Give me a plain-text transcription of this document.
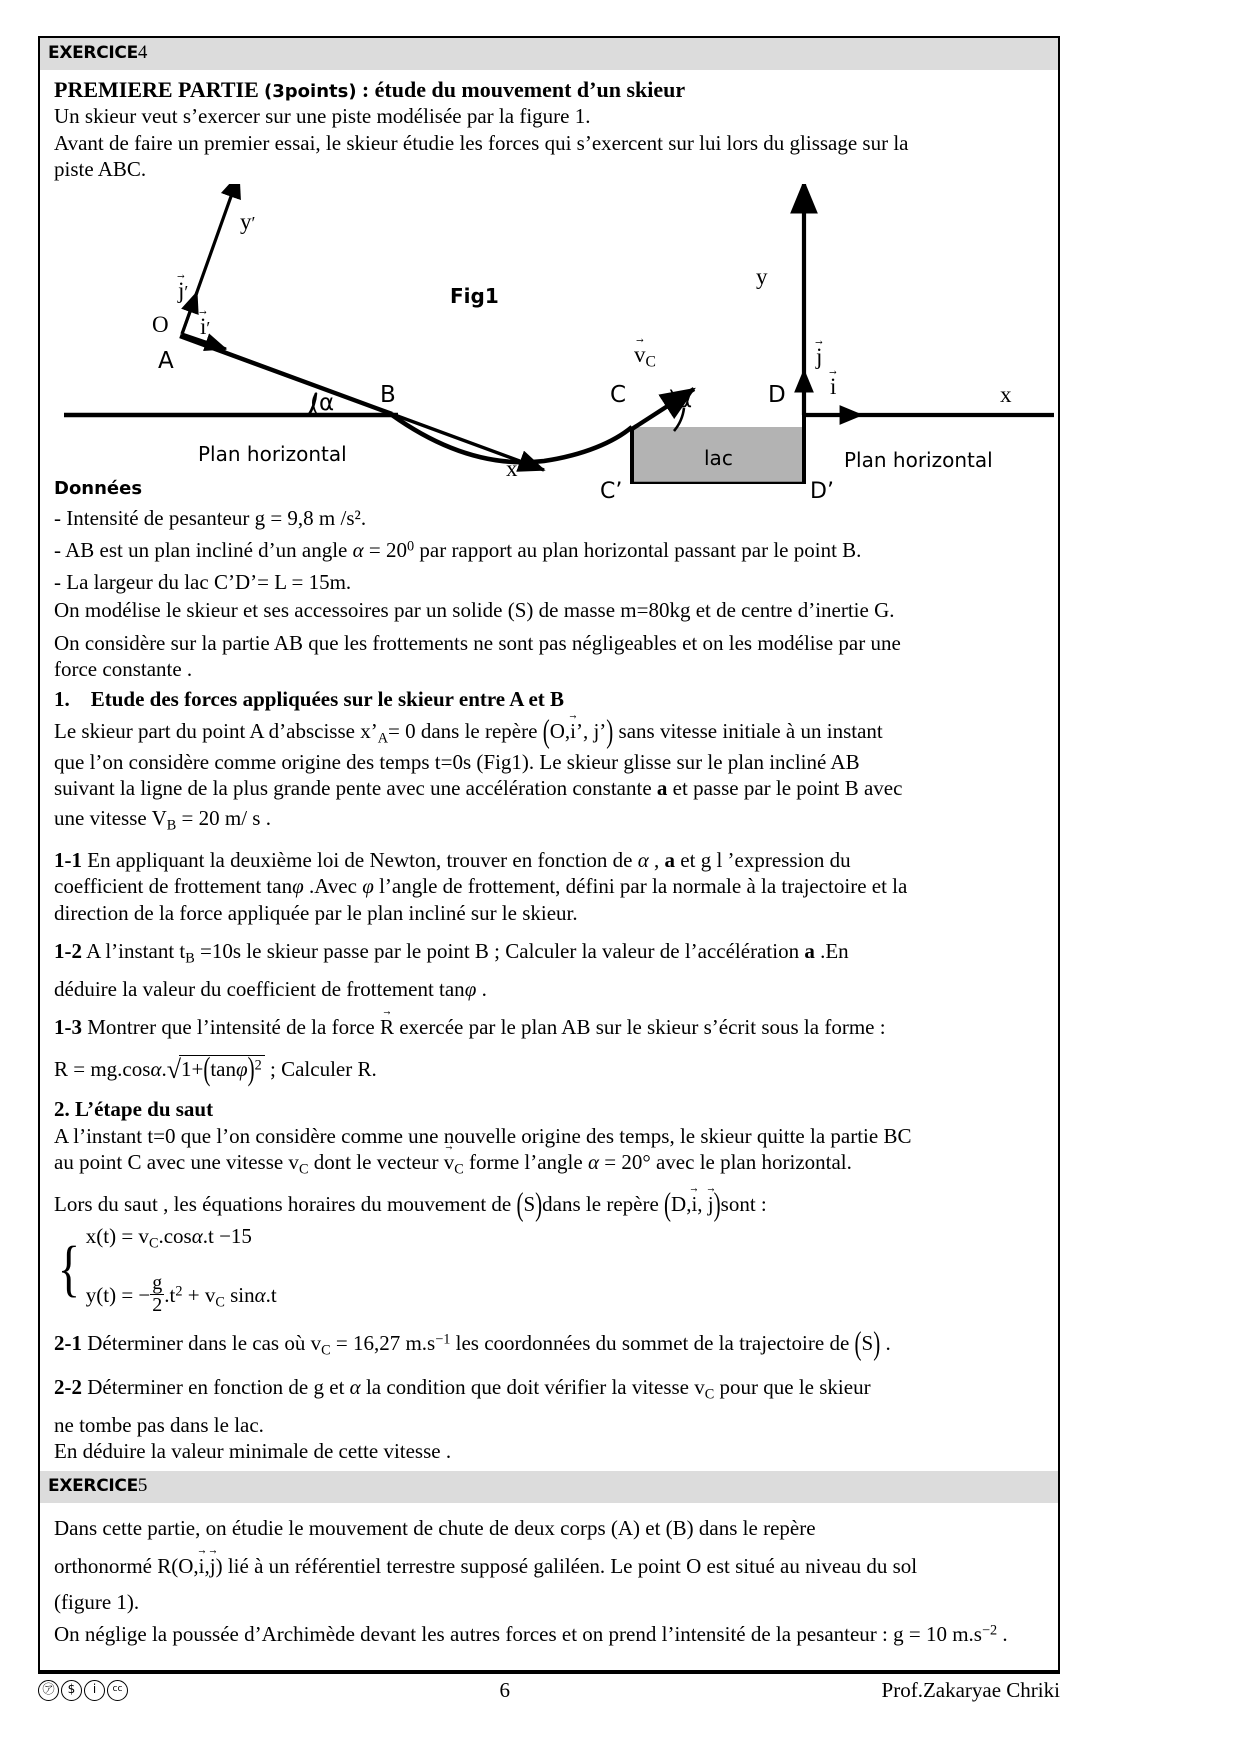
EXERCICE4

PREMIERE PARTIE (3points) : étude du mouvement d’un skieur

Un skieur veut s’exercer sur une piste modélisée par la figure 1.

Avant de faire un premier essai, le skieur étudie les forces qui s’exercent sur lui lors du glissage sur la

piste ABC.

y′
j →′
O i →′
A
Fig1
(α B	C )α
$v \to_C$
D
y
j →
i →	x
x′	lac
C’	D’
Plan horizontal	Plan horizontal

Données

- Intensité de pesanteur g = 9,8 m /s².

- AB est un plan incliné d’un angle $\alpha = 20^0$ par rapport au plan horizontal passant par le point B.

- La largeur du lac C’D’= L = 15m.

On modélise le skieur et ses accessoires par un solide (S) de masse m=80kg et de centre d’inertie G.

On considère sur la partie AB que les frottements ne sont pas négligeables et on les modélise par une

force constante .

1. Etude des forces appliquées sur le skieur entre A et B

Le skieur part du point A d’abscisse $x’_A= 0$ dans le repère (O,i →’, j’) sans vitesse initiale à un instant

que l’on considère comme origine des temps t=0s (Fig1). Le skieur glisse sur le plan incliné AB

suivant la ligne de la plus grande pente avec une accélération constante a et passe par le point B avec

une vitesse $V_B = 20$ m/ s .

1-1 En appliquant la deuxième loi de Newton, trouver en fonction de α , a et g l ’expression du

coefficient de frottement tanφ .Avec φ l’angle de frottement, défini par la normale à la trajectoire et la

direction de la force appliquée par le plan incliné sur le skieur.

1-2 A l’instant $t_B =10s$ le skieur passe par le point B ; Calculer la valeur de l’accélération a .En

déduire la valeur du coefficient de frottement tanφ .

1-3 Montrer que l’intensité de la force R → exercée par le plan AB sur le skieur s’écrit sous la forme :

$R = mg.\cos\alpha.√1+(\tan\varphi)^2$ ; Calculer R.

2. L’étape du saut

A l’instant t=0 que l’on considère comme une nouvelle origine des temps, le skieur quitte la partie BC

au point C avec une vitesse $v_C$ dont le vecteur $v \to_C$ forme l’angle α = 20° avec le plan horizontal.

Lors du saut , les équations horaires du mouvement de (S)dans le repère (D,i →, j →)sont :

{ $x(t) = v_C.\cos\alpha.t -15$
y(t) = − $\frac{g}{2} .t^2 + v_C$ sinα.t

2-1 Déterminer dans le cas où $v_C = 16,27$ $m.s^{-1}$ les coordonnées du sommet de la trajectoire de (S) .

2-2 Déterminer en fonction de g et α la condition que doit vérifier la vitesse $v_C$ pour que le skieur

ne tombe pas dans le lac.

En déduire la valeur minimale de cette vitesse .

EXERCICE5

Dans cette partie, on étudie le mouvement de chute de deux corps (A) et (B) dans le repère

orthonormé R(O,i →,j →) lié à un référentiel terrestre supposé galiléen. Le point O est situé au niveau du sol

(figure 1).

On néglige la poussée d’Archimède devant les autres forces et on prend l’intensité de la pesanteur : g = 10 $m.s^{-2}$ .

㋐	$	i	cc	6	Prof.Zakaryae Chriki
